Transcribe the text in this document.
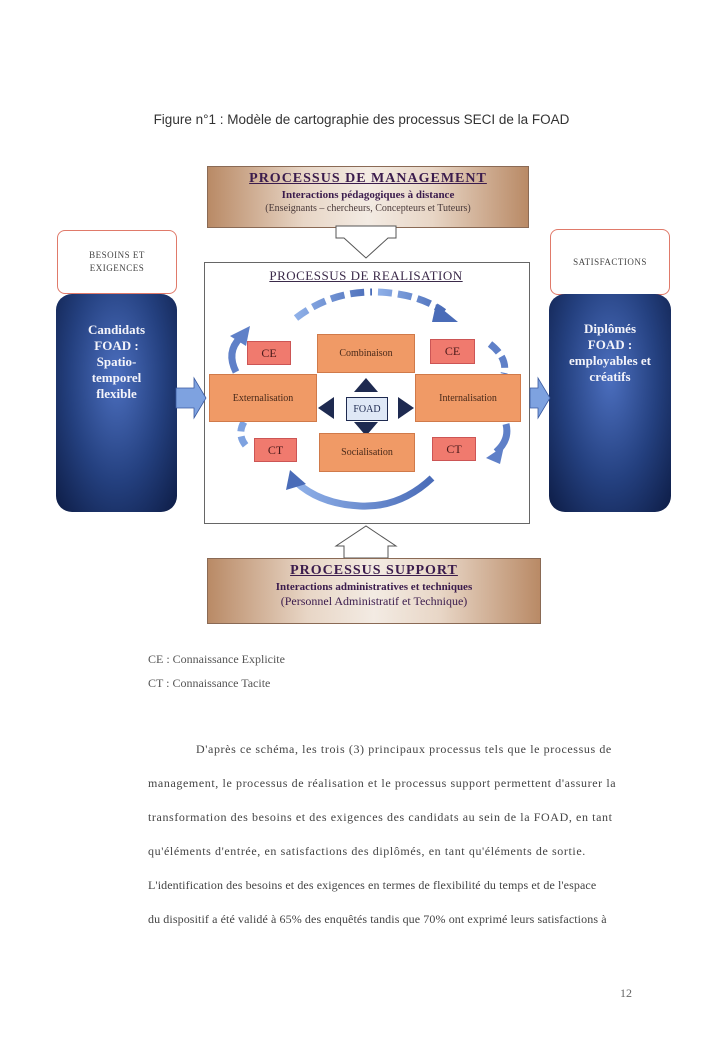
Figure n°1 : Modèle de cartographie des processus SECI de la FOAD
PROCESSUS DE MANAGEMENT
Interactions pédagogiques à distance
(Enseignants – chercheurs, Concepteurs et Tuteurs)
BESOINS ET EXIGENCES
SATISFACTIONS
Candidats
FOAD :
Spatio-
temporel
flexible
Diplômés
FOAD :
employables et
créatifs
PROCESSUS DE REALISATION
Combinaison
Externalisation	Internalisation
Socialisation
FOAD
CE	CE
CT	CT
PROCESSUS SUPPORT
Interactions administratives et techniques
(Personnel Administratif et Technique)
CE : Connaissance Explicite
CT : Connaissance Tacite
D'après ce schéma, les trois (3) principaux processus tels que le processus de
management, le processus de réalisation et le processus support permettent d'assurer la
transformation des besoins et des exigences des candidats au sein de la FOAD, en tant
qu'éléments d'entrée, en satisfactions des diplômés, en tant qu'éléments de sortie.
L'identification des besoins et des exigences en termes de flexibilité du temps et de l'espace
du dispositif a été validé à 65% des enquêtés tandis que 70% ont exprimé leurs satisfactions à
12
